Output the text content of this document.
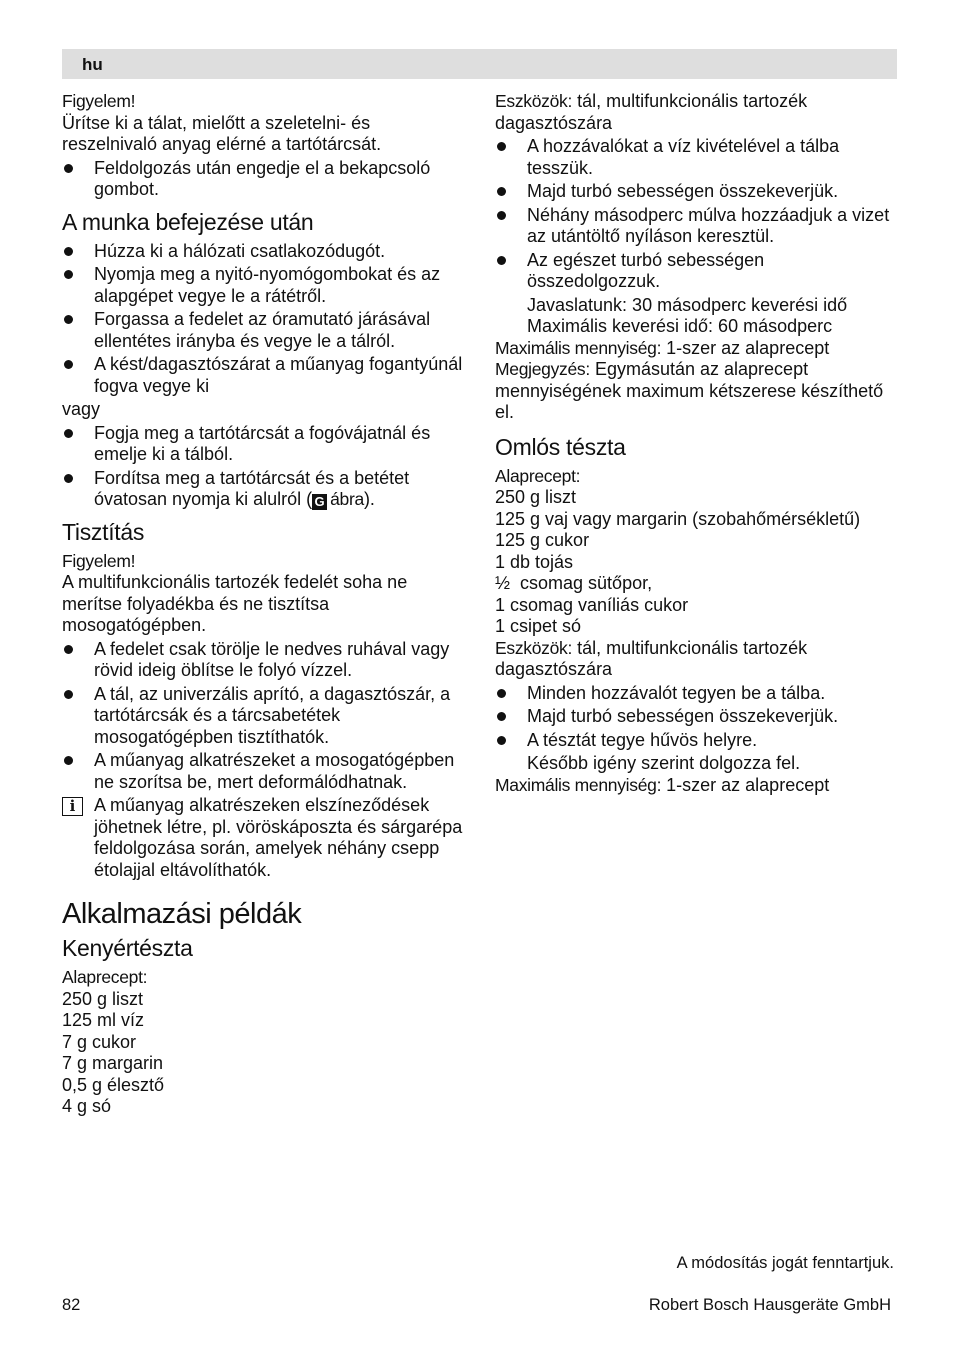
hu

Figyelem!

Ürítse ki a tálat, mielőtt a szeletelni- és reszelnivaló anyag elérné a tartótárcsát.

Feldolgozás után engedje el a bekapcsoló gombot.
A munka befejezése után
Húzza ki a hálózati csatlakozódugót.
Nyomja meg a nyitó-nyomógombokat és az alapgépet vegye le a rátétről.
Forgassa a fedelet az óramutató járásával ellentétes irányba és vegye le a tálról.
A kést/dagasztószárat a műanyag fogantyúnál fogva vegye ki

vagy

Fogja meg a tartótárcsát a fogóvájatnál és emelje ki a tálból.
Fordítsa meg a tartótárcsát és a betétet óvatosan nyomja ki alulról ( G ábra).
Tisztítás

Figyelem!

A multifunkcionális tartozék fedelét soha ne merítse folyadékba és ne tisztítsa mosogatógépben.

A fedelet csak törölje le nedves ruhával vagy rövid ideig öblítse le folyó vízzel.
A tál, az univerzális aprító, a dagasztószár, a tartótárcsák és a tárcsabetétek mosogatógépben tisztíthatók.
A műanyag alkatrészeket a mosogatógépben ne szorítsa be, mert deformálódhatnak.
i	A műanyag alkatrészeken elszíneződések jöhetnek létre, pl. vöröskáposzta és sárgarépa feldolgozása során, amelyek néhány csepp étolajjal eltávolíthatók.
Alkalmazási példák
Kenyértészta

Alaprecept:

250 g liszt

125 ml víz

7 g cukor

7 g margarin

0,5 g élesztő

4 g só

Eszközök: tál, multifunkcionális tartozék dagasztószára

A hozzávalókat a víz kivételével a tálba tesszük.
Majd turbó sebességen összekeverjük.
Néhány másodperc múlva hozzáadjuk a vizet az utántöltő nyíláson keresztül.
Az egészet turbó sebességen összedolgozzuk.

Javaslatunk: 30 másodperc keverési idő

Maximális keverési idő: 60 másodperc

Maximális mennyiség: 1-szer az alaprecept

Megjegyzés: Egymásután az alaprecept mennyiségének maximum kétszerese készíthető el.

Omlós tészta

Alaprecept:

250 g liszt

125 g vaj vagy margarin (szobahőmérsékletű)

125 g cukor

1 db tojás

½  csomag sütőpor,

1 csomag vaníliás cukor

1 csipet só

Eszközök: tál, multifunkcionális tartozék dagasztószára

Minden hozzávalót tegyen be a tálba.
Majd turbó sebességen összekeverjük.
A tésztát tegye hűvös helyre.

Később igény szerint dolgozza fel.

Maximális mennyiség: 1-szer az alaprecept

A módosítás jogát fenntartjuk.
82	Robert Bosch Hausgeräte GmbH
